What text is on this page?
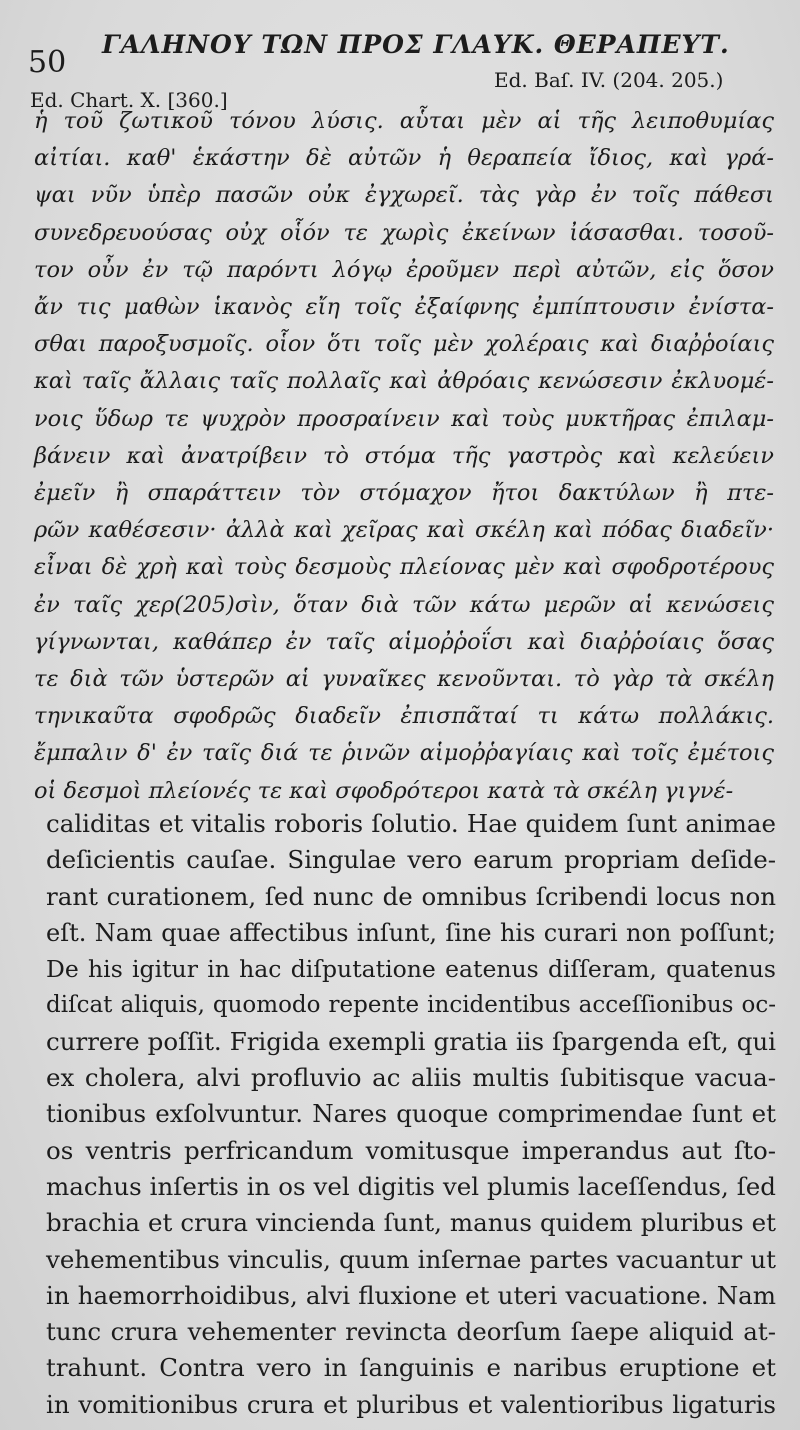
50
ΓΑΛΗΝΟΥ ΤΩΝ ΠΡΟΣ ΓΛΑΥΚ. ΘΕΡΑΠΕΥΤ.
Ed. Chart. X. [360.]
Ed. Baſ. IV. (204. 205.)
ἡ τοῦ ζωτικοῦ τόνου λύσις. αὗται μὲν αἱ τῆς λειποθυμίας
αἰτίαι. καθ' ἑκάστην δὲ αὐτῶν ἡ θεραπεία ἴδιος, καὶ γρά-
ψαι νῦν ὑπὲρ πασῶν οὐκ ἐγχωρεῖ. τὰς γὰρ ἐν τοῖς πάθεσι
συνεδρευούσας οὐχ οἷόν τε χωρὶς ἐκείνων ἰάσασθαι. τοσοῦ-
τον οὖν ἐν τῷ παρόντι λόγῳ ἐροῦμεν περὶ αὐτῶν, εἰς ὅσον
ἄν τις μαθὼν ἱκανὸς εἴη τοῖς ἐξαίφνης ἐμπίπτουσιν ἐνίστα-
σθαι παροξυσμοῖς. οἷον ὅτι τοῖς μὲν χολέραις καὶ διαῤῥοίαις
καὶ ταῖς ἄλλαις ταῖς πολλαῖς καὶ ἀθρόαις κενώσεσιν ἐκλυομέ-
νοις ὕδωρ τε ψυχρὸν προσραίνειν καὶ τοὺς μυκτῆρας ἐπιλαμ-
βάνειν καὶ ἀνατρίβειν τὸ στόμα τῆς γαστρὸς καὶ κελεύειν
ἐμεῖν ἢ σπαράττειν τὸν στόμαχον ἤτοι δακτύλων ἢ πτε-
ρῶν καθέσεσιν· ἀλλὰ καὶ χεῖρας καὶ σκέλη καὶ πόδας διαδεῖν·
εἶναι δὲ χρὴ καὶ τοὺς δεσμοὺς πλείονας μὲν καὶ σφοδροτέρους
ἐν ταῖς χερ(205)σὶν, ὅταν διὰ τῶν κάτω μερῶν αἱ κενώσεις
γίγνωνται, καθάπερ ἐν ταῖς αἱμοῤῥοΐσι καὶ διαῤῥοίαις ὅσας
τε διὰ τῶν ὑστερῶν αἱ γυναῖκες κενοῦνται. τὸ γὰρ τὰ σκέλη
τηνικαῦτα σφοδρῶς διαδεῖν ἐπισπᾶταί τι κάτω πολλάκις.
ἔμπαλιν δ' ἐν ταῖς διά τε ῥινῶν αἱμοῤῥαγίαις καὶ τοῖς ἐμέτοις
οἱ δεσμοὶ πλείονές τε καὶ σφοδρότεροι κατὰ τὰ σκέλη γιγνέ-
caliditas et vitalis roboris ſolutio. Hae quidem ſunt animae
deſicientis cauſae. Singulae vero earum propriam deſide-
rant curationem, ſed nunc de omnibus ſcribendi locus non
eſt. Nam quae affectibus inſunt, ſine his curari non poſſunt;
De his igitur in hac diſputatione eatenus diſſeram, quatenus
diſcat aliquis, quomodo repente incidentibus acceſſionibus oc-
currere poſſit. Frigida exempli gratia iis ſpargenda eſt, qui
ex cholera, alvi profluvio ac aliis multis ſubitisque vacua-
tionibus exſolvuntur. Nares quoque comprimendae ſunt et
os ventris perfricandum vomitusque imperandus aut ſto-
machus inſertis in os vel digitis vel plumis laceſſendus, ſed
brachia et crura vincienda ſunt, manus quidem pluribus et
vehementibus vinculis, quum inſernae partes vacuantur ut
in haemorrhoidibus, alvi fluxione et uteri vacuatione. Nam
tunc crura vehementer revincta deorſum ſaepe aliquid at-
trahunt. Contra vero in ſanguinis e naribus eruptione et
in vomitionibus crura et pluribus et valentioribus ligaturis
